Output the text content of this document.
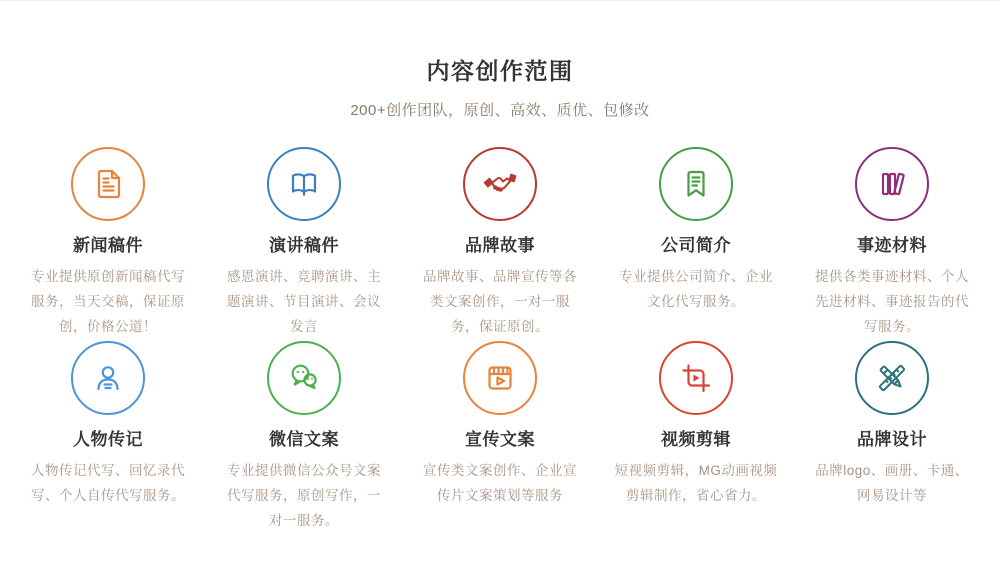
内容创作范围

200+创作团队，原创、高效、质优、包修改

新闻稿件

专业提供原创新闻稿代写服务，当天交稿，保证原创，价格公道！

演讲稿件

感恩演讲、竞聘演讲、主题演讲、节目演讲、会议发言

品牌故事

品牌故事、品牌宣传等各类文案创作，一对一服务，保证原创。

公司简介

专业提供公司简介、企业文化代写服务。

事迹材料

提供各类事迹材料、个人先进材料、事迹报告的代写服务。

人物传记

人物传记代写、回忆录代写、个人自传代写服务。

微信文案

专业提供微信公众号文案代写服务，原创写作，一对一服务。

宣传文案

宣传类文案创作、企业宣传片文案策划等服务

视频剪辑

短视频剪辑，MG动画视频剪辑制作，省心省力。

品牌设计

品牌logo、画册、卡通、网易设计等
